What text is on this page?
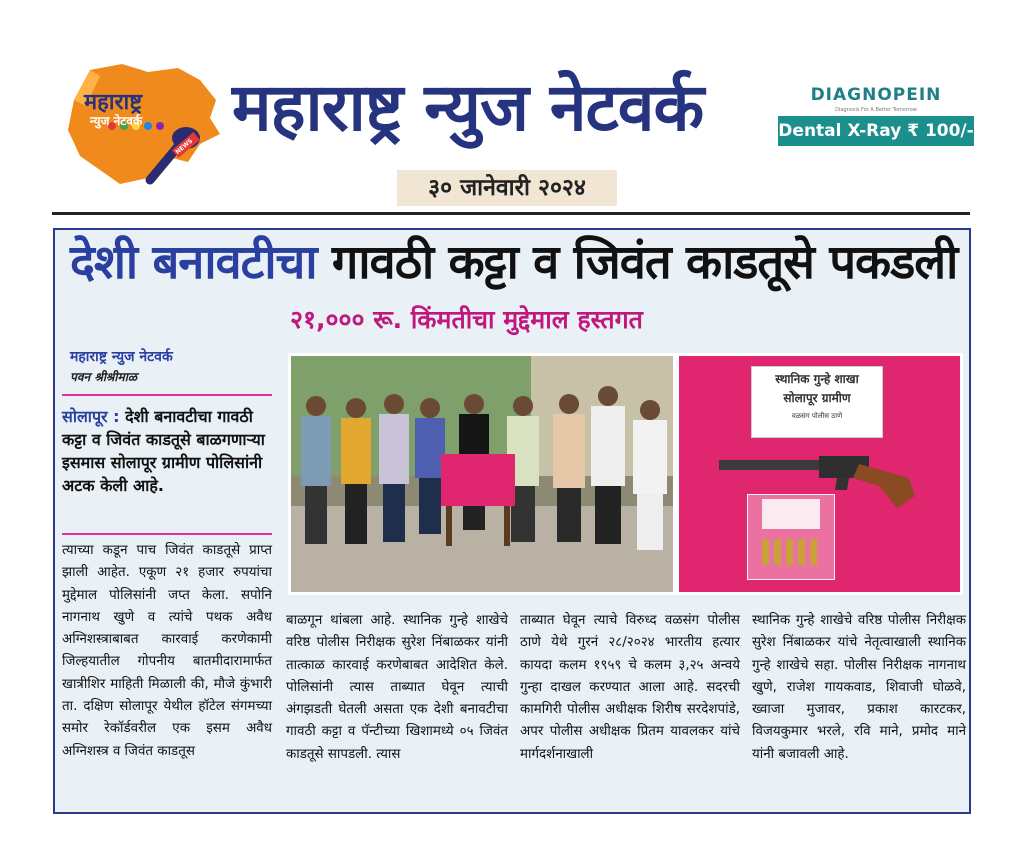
महाराष्ट्र
न्युज नेटवर्क
NEWS
महाराष्ट्र न्युज नेटवर्क
३० जानेवारी २०२४
DIAGNOPEIN
Diagnosis For A Better Tomorrow
Dental X-Ray ₹ 100/-
देशी बनावटीचा गावठी कट्टा व जिवंत काडतूसे पकडली
२१,००० रू. किंमतीचा मुद्देमाल हस्तगत
महाराष्ट्र न्युज नेटवर्क
पवन श्रीश्रीमाळ
सोलापूर : देशी बनावटीचा गावठी कट्टा व जिवंत काडतूसे बाळगणाऱ्या इसमास सोलापूर ग्रामीण पोलिसांनी अटक केली आहे.

त्याच्या कडून पाच जिवंत काडतूसे प्राप्त झाली आहेत. एकूण २१ हजार रुपयांचा मुद्देमाल पोलिसांनी जप्त केला. सपोनि नागनाथ खुणे व त्यांचे पथक अवैध अग्निशस्त्राबाबत कारवाई करणेकामी जिल्हयातील गोपनीय बातमीदारामार्फत खात्रीशिर माहिती मिळाली की, मौजे कुंभारी ता. दक्षिण सोलापूर येथील हॉटेल संगमच्या समोर रेकॉर्डवरील एक इसम अवैध अग्निशस्त्र व जिवंत काडतूस

बाळगून थांबला आहे. स्थानिक गुन्हे शाखेचे वरिष्ठ पोलीस निरीक्षक सुरेश निंबाळकर यांनी तात्काळ कारवाई करणेबाबत आदेशित केले. पोलिसांनी त्यास ताब्यात घेवून त्याची अंगझडती घेतली असता एक देशी बनावटीचा गावठी कट्टा व पॅन्टीच्या खिशामध्ये ०५ जिवंत काडतूसे सापडली. त्यास

ताब्यात घेवून त्याचे विरुध्द वळसंग पोलीस ठाणे येथे गुरनं २८/२०२४ भारतीय हत्यार कायदा कलम १९५९ चे कलम ३,२५ अन्वये गुन्हा दाखल करण्यात आला आहे. सदरची कामगिरी पोलीस अधीक्षक शिरीष सरदेशपांडे, अपर पोलीस अधीक्षक प्रितम यावलकर यांचे मार्गदर्शनाखाली

स्थानिक गुन्हे शाखेचे वरिष्ठ पोलीस निरीक्षक सुरेश निंबाळकर यांचे नेतृत्वाखाली स्थानिक गुन्हे शाखेचे सहा. पोलीस निरीक्षक नागनाथ खुणे, राजेश गायकवाड, शिवाजी घोळवे, ख्वाजा मुजावर, प्रकाश कारटकर, विजयकुमार भरले, रवि माने, प्रमोद माने यांनी बजावली आहे.

स्थानिक गुन्हे शाखा
सोलापूर ग्रामीण
वळसंग पोलीस ठाणे
